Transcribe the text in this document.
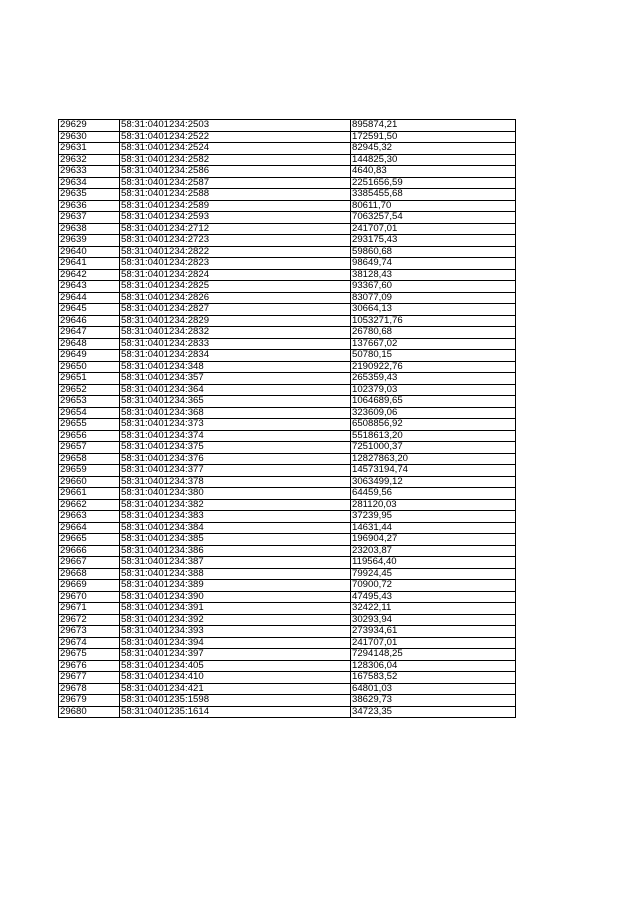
29629	58:31:0401234:2503	895874,21
29630	58:31:0401234:2522	172591,50
29631	58:31:0401234:2524	82945,32
29632	58:31:0401234:2582	144825,30
29633	58:31:0401234:2586	4640,83
29634	58:31:0401234:2587	2251656,59
29635	58:31:0401234:2588	3385455,68
29636	58:31:0401234:2589	80611,70
29637	58:31:0401234:2593	7063257,54
29638	58:31:0401234:2712	241707,01
29639	58:31:0401234:2723	293175,43
29640	58:31:0401234:2822	59860,68
29641	58:31:0401234:2823	98649,74
29642	58:31:0401234:2824	38128,43
29643	58:31:0401234:2825	93367,60
29644	58:31:0401234:2826	83077,09
29645	58:31:0401234:2827	30664,13
29646	58:31:0401234:2829	1053271,76
29647	58:31:0401234:2832	26780,68
29648	58:31:0401234:2833	137667,02
29649	58:31:0401234:2834	50780,15
29650	58:31:0401234:348	2190922,76
29651	58:31:0401234:357	265359,43
29652	58:31:0401234:364	102379,03
29653	58:31:0401234:365	1064689,65
29654	58:31:0401234:368	323609,06
29655	58:31:0401234:373	6508856,92
29656	58:31:0401234:374	5518613,20
29657	58:31:0401234:375	7251000,37
29658	58:31:0401234:376	12827863,20
29659	58:31:0401234:377	14573194,74
29660	58:31:0401234:378	3063499,12
29661	58:31:0401234:380	64459,56
29662	58:31:0401234:382	281120,03
29663	58:31:0401234:383	37239,95
29664	58:31:0401234:384	14631,44
29665	58:31:0401234:385	196904,27
29666	58:31:0401234:386	23203,87
29667	58:31:0401234:387	119564,40
29668	58:31:0401234:388	79924,45
29669	58:31:0401234:389	70900,72
29670	58:31:0401234:390	47495,43
29671	58:31:0401234:391	32422,11
29672	58:31:0401234:392	30293,94
29673	58:31:0401234:393	273934,61
29674	58:31:0401234:394	241707,01
29675	58:31:0401234:397	7294148,25
29676	58:31:0401234:405	128306,04
29677	58:31:0401234:410	167583,52
29678	58:31:0401234:421	64801,03
29679	58:31:0401235:1598	38629,73
29680	58:31:0401235:1614	34723,35
